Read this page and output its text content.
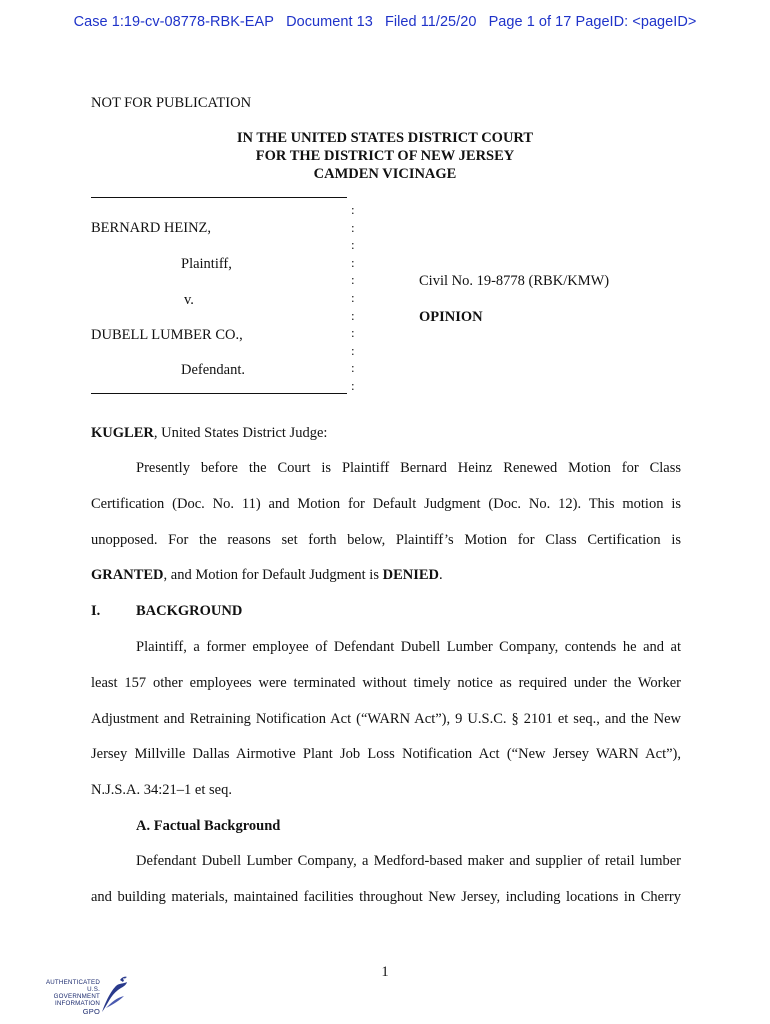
Case 1:19-cv-08778-RBK-EAP Document 13 Filed 11/25/20 Page 1 of 17 PageID: <pageID>
NOT FOR PUBLICATION
IN THE UNITED STATES DISTRICT COURT
FOR THE DISTRICT OF NEW JERSEY
CAMDEN VICINAGE
:
:
:
:
:
:
:
:
:
:
:
BERNARD HEINZ,
Plaintiff,
v.
DUBELL LUMBER CO.,
Defendant.
Civil No. 19-8778 (RBK/KMW)
OPINION
KUGLER, United States District Judge:
Presently before the Court is Plaintiff Bernard Heinz Renewed Motion for Class
Certification (Doc. No. 11) and Motion for Default Judgment (Doc. No. 12). This motion is
unopposed. For the reasons set forth below, Plaintiff’s Motion for Class Certification is
GRANTED, and Motion for Default Judgment is DENIED.
I. BACKGROUND
Plaintiff, a former employee of Defendant Dubell Lumber Company, contends he and at
least 157 other employees were terminated without timely notice as required under the Worker
Adjustment and Retraining Notification Act (“WARN Act”), 9 U.S.C. § 2101 et seq., and the New
Jersey Millville Dallas Airmotive Plant Job Loss Notification Act (“New Jersey WARN Act”),
N.J.S.A. 34:21–1 et seq.
A. Factual Background
Defendant Dubell Lumber Company, a Medford-based maker and supplier of retail lumber
and building materials, maintained facilities throughout New Jersey, including locations in Cherry
1
AUTHENTICATED
U.S. GOVERNMENT
INFORMATION
GPO
